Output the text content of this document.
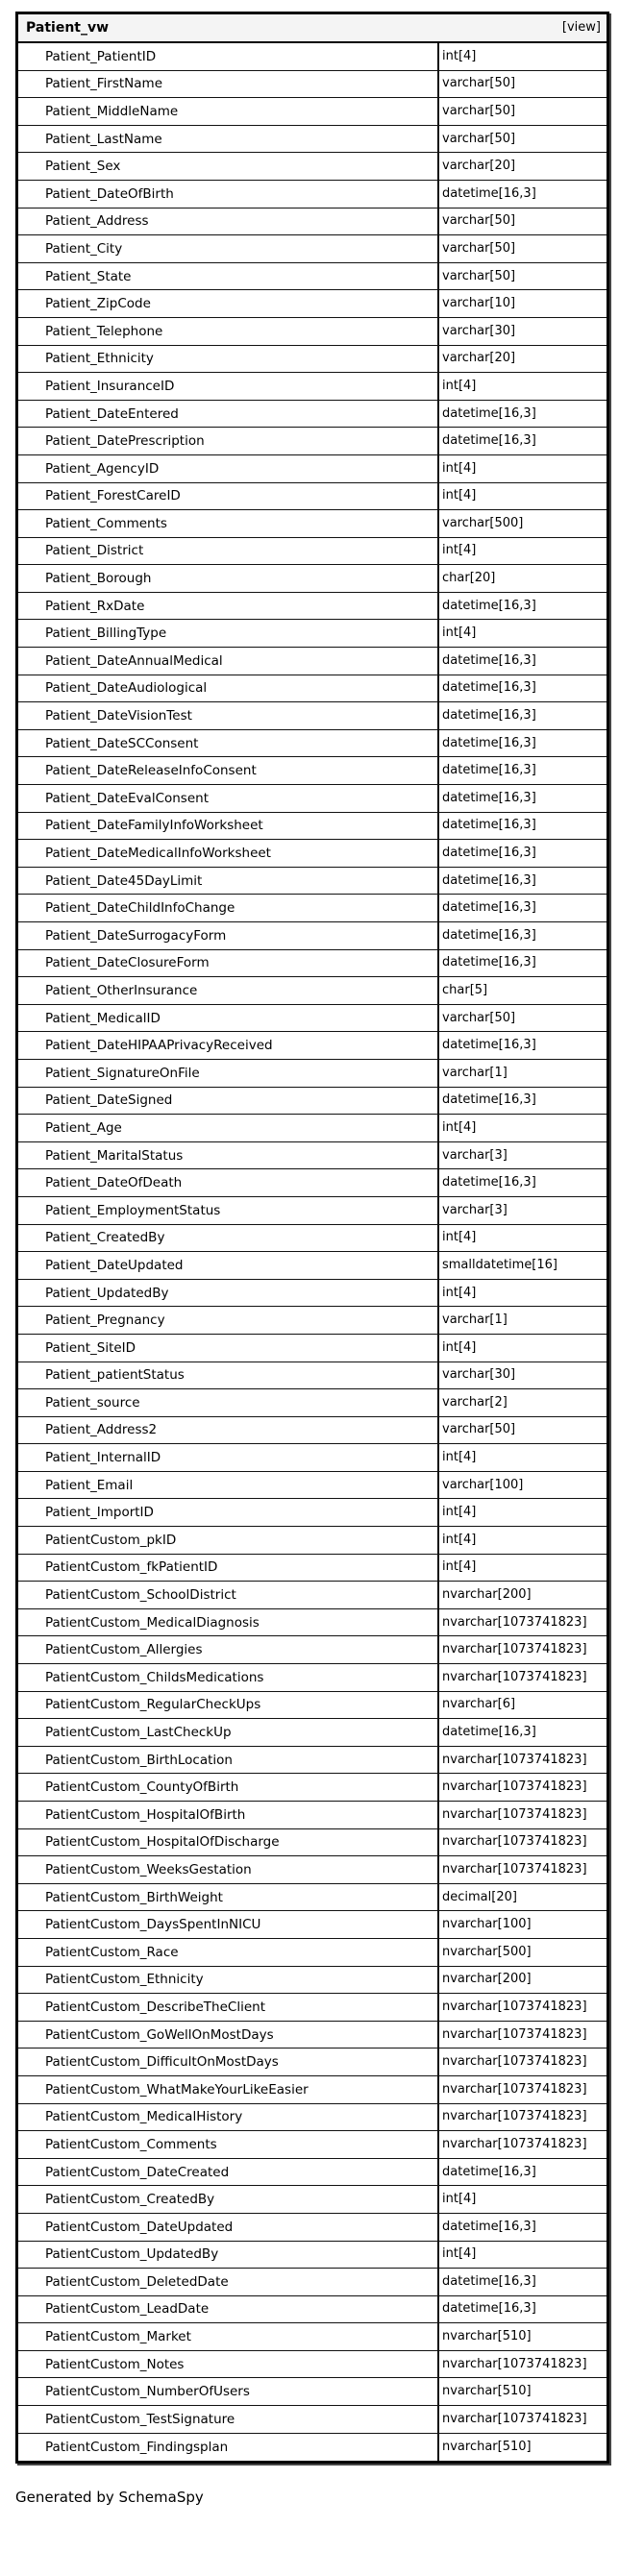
Patient_vw	[view]
Patient_PatientID	int[4]
Patient_FirstName	varchar[50]
Patient_MiddleName	varchar[50]
Patient_LastName	varchar[50]
Patient_Sex	varchar[20]
Patient_DateOfBirth	datetime[16,3]
Patient_Address	varchar[50]
Patient_City	varchar[50]
Patient_State	varchar[50]
Patient_ZipCode	varchar[10]
Patient_Telephone	varchar[30]
Patient_Ethnicity	varchar[20]
Patient_InsuranceID	int[4]
Patient_DateEntered	datetime[16,3]
Patient_DatePrescription	datetime[16,3]
Patient_AgencyID	int[4]
Patient_ForestCareID	int[4]
Patient_Comments	varchar[500]
Patient_District	int[4]
Patient_Borough	char[20]
Patient_RxDate	datetime[16,3]
Patient_BillingType	int[4]
Patient_DateAnnualMedical	datetime[16,3]
Patient_DateAudiological	datetime[16,3]
Patient_DateVisionTest	datetime[16,3]
Patient_DateSCConsent	datetime[16,3]
Patient_DateReleaseInfoConsent	datetime[16,3]
Patient_DateEvalConsent	datetime[16,3]
Patient_DateFamilyInfoWorksheet	datetime[16,3]
Patient_DateMedicalInfoWorksheet	datetime[16,3]
Patient_Date45DayLimit	datetime[16,3]
Patient_DateChildInfoChange	datetime[16,3]
Patient_DateSurrogacyForm	datetime[16,3]
Patient_DateClosureForm	datetime[16,3]
Patient_OtherInsurance	char[5]
Patient_MedicalID	varchar[50]
Patient_DateHIPAAPrivacyReceived	datetime[16,3]
Patient_SignatureOnFile	varchar[1]
Patient_DateSigned	datetime[16,3]
Patient_Age	int[4]
Patient_MaritalStatus	varchar[3]
Patient_DateOfDeath	datetime[16,3]
Patient_EmploymentStatus	varchar[3]
Patient_CreatedBy	int[4]
Patient_DateUpdated	smalldatetime[16]
Patient_UpdatedBy	int[4]
Patient_Pregnancy	varchar[1]
Patient_SiteID	int[4]
Patient_patientStatus	varchar[30]
Patient_source	varchar[2]
Patient_Address2	varchar[50]
Patient_InternalID	int[4]
Patient_Email	varchar[100]
Patient_ImportID	int[4]
PatientCustom_pkID	int[4]
PatientCustom_fkPatientID	int[4]
PatientCustom_SchoolDistrict	nvarchar[200]
PatientCustom_MedicalDiagnosis	nvarchar[1073741823]
PatientCustom_Allergies	nvarchar[1073741823]
PatientCustom_ChildsMedications	nvarchar[1073741823]
PatientCustom_RegularCheckUps	nvarchar[6]
PatientCustom_LastCheckUp	datetime[16,3]
PatientCustom_BirthLocation	nvarchar[1073741823]
PatientCustom_CountyOfBirth	nvarchar[1073741823]
PatientCustom_HospitalOfBirth	nvarchar[1073741823]
PatientCustom_HospitalOfDischarge	nvarchar[1073741823]
PatientCustom_WeeksGestation	nvarchar[1073741823]
PatientCustom_BirthWeight	decimal[20]
PatientCustom_DaysSpentInNICU	nvarchar[100]
PatientCustom_Race	nvarchar[500]
PatientCustom_Ethnicity	nvarchar[200]
PatientCustom_DescribeTheClient	nvarchar[1073741823]
PatientCustom_GoWellOnMostDays	nvarchar[1073741823]
PatientCustom_DifficultOnMostDays	nvarchar[1073741823]
PatientCustom_WhatMakeYourLikeEasier	nvarchar[1073741823]
PatientCustom_MedicalHistory	nvarchar[1073741823]
PatientCustom_Comments	nvarchar[1073741823]
PatientCustom_DateCreated	datetime[16,3]
PatientCustom_CreatedBy	int[4]
PatientCustom_DateUpdated	datetime[16,3]
PatientCustom_UpdatedBy	int[4]
PatientCustom_DeletedDate	datetime[16,3]
PatientCustom_LeadDate	datetime[16,3]
PatientCustom_Market	nvarchar[510]
PatientCustom_Notes	nvarchar[1073741823]
PatientCustom_NumberOfUsers	nvarchar[510]
PatientCustom_TestSignature	nvarchar[1073741823]
PatientCustom_Findingsplan	nvarchar[510]
Generated by SchemaSpy
